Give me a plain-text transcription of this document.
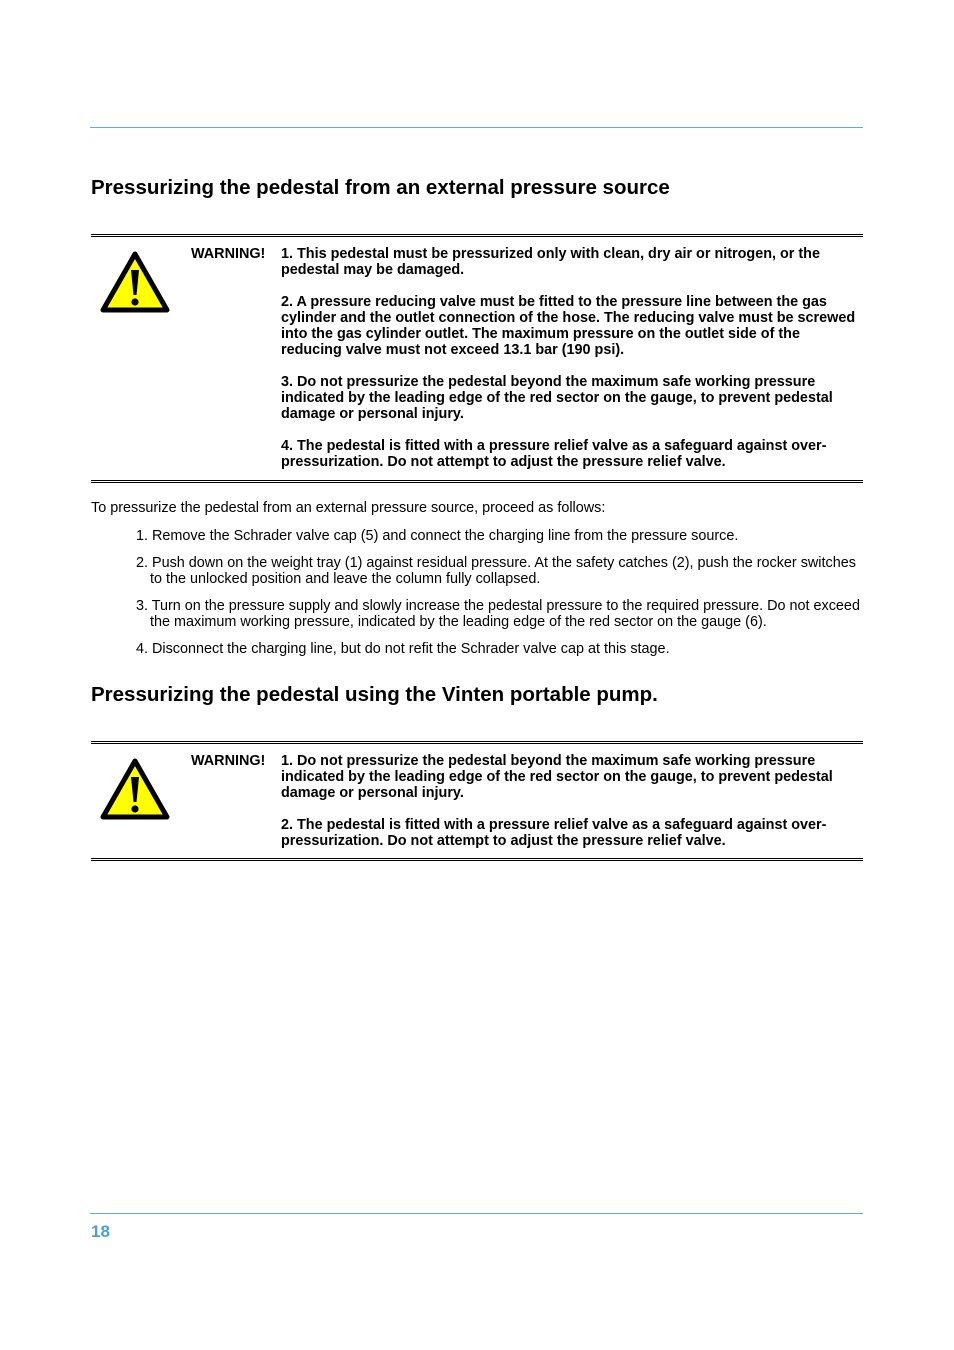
Pressurizing the pedestal from an external pressure source
WARNING! 1. This pedestal must be pressurized only with clean, dry air or nitrogen, or the pedestal may be damaged.

2. A pressure reducing valve must be fitted to the pressure line between the gas cylinder and the outlet connection of the hose. The reducing valve must be screwed into the gas cylinder outlet. The maximum pressure on the outlet side of the reducing valve must not exceed 13.1 bar (190 psi).

3. Do not pressurize the pedestal beyond the maximum safe working pressure indicated by the leading edge of the red sector on the gauge, to prevent pedestal damage or personal injury.

4. The pedestal is fitted with a pressure relief valve as a safeguard against over-pressurization. Do not attempt to adjust the pressure relief valve.

To pressurize the pedestal from an external pressure source, proceed as follows:

1. Remove the Schrader valve cap (5) and connect the charging line from the pressure source.
2. Push down on the weight tray (1) against residual pressure. At the safety catches (2), push the rocker switches to the unlocked position and leave the column fully collapsed.
3. Turn on the pressure supply and slowly increase the pedestal pressure to the required pressure. Do not exceed the maximum working pressure, indicated by the leading edge of the red sector on the gauge (6).
4. Disconnect the charging line, but do not refit the Schrader valve cap at this stage.
Pressurizing the pedestal using the Vinten portable pump.
WARNING! 1. Do not pressurize the pedestal beyond the maximum safe working pressure indicated by the leading edge of the red sector on the gauge, to prevent pedestal damage or personal injury.

2. The pedestal is fitted with a pressure relief valve as a safeguard against over-pressurization. Do not attempt to adjust the pressure relief valve.

18
